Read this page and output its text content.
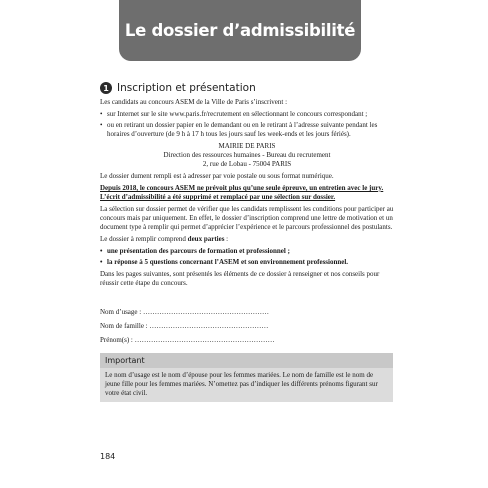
Le dossier d’admissibilité
1 Inscription et présentation

Les candidats au concours ASEM de la Ville de Paris s’inscrivent :

• sur Internet sur le site www.paris.fr/recrutement en sélectionnant le concours correspondant ;
• ou en retirant un dossier papier en le demandant ou en le retirant à l’adresse suivante pendant les horaires d’ouverture (de 9 h à 17 h tous les jours sauf les week-ends et les jours fériés).
MAIRIE DE PARIS
Direction des ressources humaines - Bureau du recrutement
2, rue de Lobau - 75004 PARIS

Le dossier dument rempli est à adresser par voie postale ou sous format numérique.

Depuis 2018, le concours ASEM ne prévoit plus qu’une seule épreuve, un entretien avec le jury. L’écrit d’admissibilité a été supprimé et remplacé par une sélection sur dossier.

La sélection sur dossier permet de vérifier que les candidats remplissent les conditions pour participer au concours mais par uniquement. En effet, le dossier d’inscription comprend une lettre de motivation et un document type à remplir qui permet d’apprécier l’expérience et le parcours professionnel des postulants.

Le dossier à remplir comprend deux parties :

• une présentation des parcours de formation et professionnel ;
• la réponse à 5 questions concernant l’ASEM et son environnement professionnel.

Dans les pages suivantes, sont présentés les éléments de ce dossier à renseigner et nos conseils pour réussir cette étape du concours.

Nom d’usage : ………………………………………………
Nom de famille : ……………………………………………
Prénom(s) : ……………………………………………………
Important
Le nom d’usage est le nom d’épouse pour les femmes mariées. Le nom de famille est le nom de jeune fille pour les femmes mariées. N’omettez pas d’indiquer les différents prénoms figurant sur votre état civil.
184
